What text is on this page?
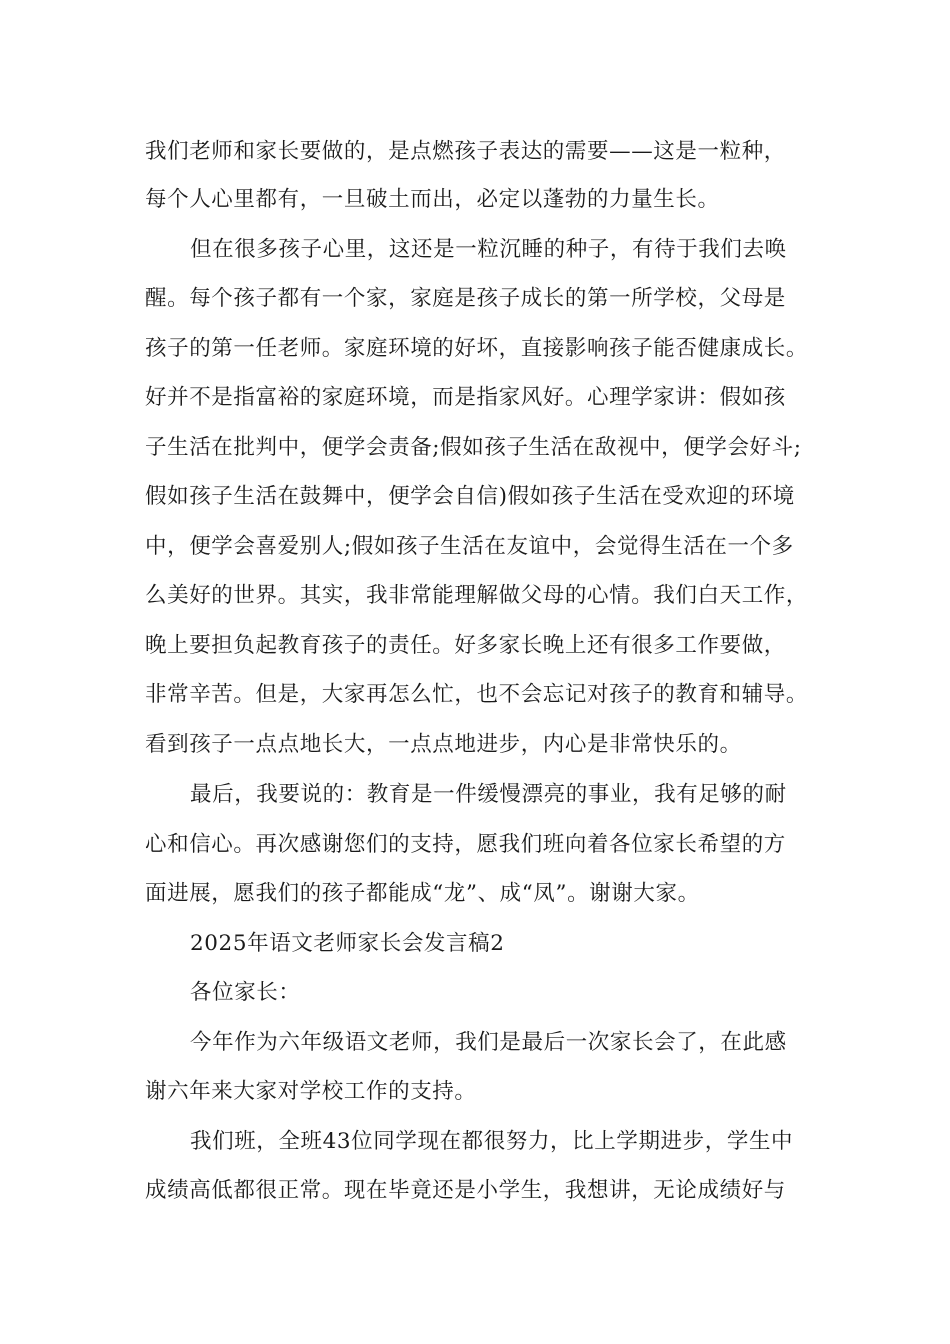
我们老师和家长要做的，是点燃孩子表达的需要——这是一粒种，
每个人心里都有，一旦破土而出，必定以蓬勃的力量生长。
但在很多孩子心里，这还是一粒沉睡的种子，有待于我们去唤
醒。每个孩子都有一个家，家庭是孩子成长的第一所学校，父母是
孩子的第一任老师。家庭环境的好坏，直接影响孩子能否健康成长。
好并不是指富裕的家庭环境，而是指家风好。心理学家讲：假如孩
子生活在批判中，便学会责备;假如孩子生活在敌视中，便学会好斗;
假如孩子生活在鼓舞中，便学会自信)假如孩子生活在受欢迎的环境
中，便学会喜爱别人;假如孩子生活在友谊中，会觉得生活在一个多
么美好的世界。其实，我非常能理解做父母的心情。我们白天工作，
晚上要担负起教育孩子的责任。好多家长晚上还有很多工作要做，
非常辛苦。但是，大家再怎么忙，也不会忘记对孩子的教育和辅导。
看到孩子一点点地长大，一点点地进步，内心是非常快乐的。
最后，我要说的：教育是一件缓慢漂亮的事业，我有足够的耐
心和信心。再次感谢您们的支持，愿我们班向着各位家长希望的方
面进展，愿我们的孩子都能成“龙”、成“凤”。谢谢大家。
2025年语文老师家长会发言稿2
各位家长：
今年作为六年级语文老师，我们是最后一次家长会了，在此感
谢六年来大家对学校工作的支持。
我们班，全班43位同学现在都很努力，比上学期进步，学生中
成绩高低都很正常。现在毕竟还是小学生，我想讲，无论成绩好与
